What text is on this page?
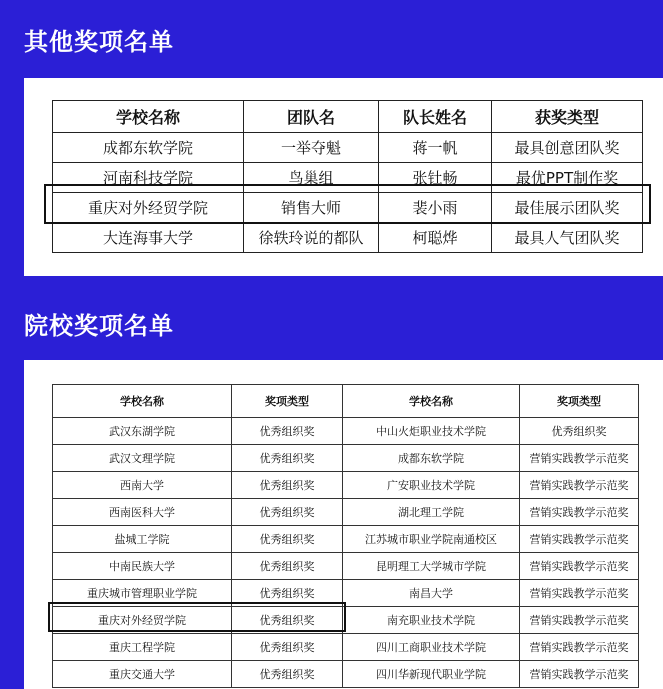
其他奖项名单
学校名称	团队名	队长姓名	获奖类型
成都东软学院	一举夺魁	蒋一帆	最具创意团队奖
河南科技学院	鸟巢组	张钍畅	最优PPT制作奖
重庆对外经贸学院	销售大师	裴小雨	最佳展示团队奖
大连海事大学	徐轶玲说的都队	柯聪烨	最具人气团队奖
院校奖项名单
学校名称	奖项类型	学校名称	奖项类型
武汉东湖学院	优秀组织奖	中山火炬职业技术学院	优秀组织奖
武汉文理学院	优秀组织奖	成都东软学院	营销实践教学示范奖
西南大学	优秀组织奖	广安职业技术学院	营销实践教学示范奖
西南医科大学	优秀组织奖	湖北理工学院	营销实践教学示范奖
盐城工学院	优秀组织奖	江苏城市职业学院南通校区	营销实践教学示范奖
中南民族大学	优秀组织奖	昆明理工大学城市学院	营销实践教学示范奖
重庆城市管理职业学院	优秀组织奖	南昌大学	营销实践教学示范奖
重庆对外经贸学院	优秀组织奖	南充职业技术学院	营销实践教学示范奖
重庆工程学院	优秀组织奖	四川工商职业技术学院	营销实践教学示范奖
重庆交通大学	优秀组织奖	四川华新现代职业学院	营销实践教学示范奖
